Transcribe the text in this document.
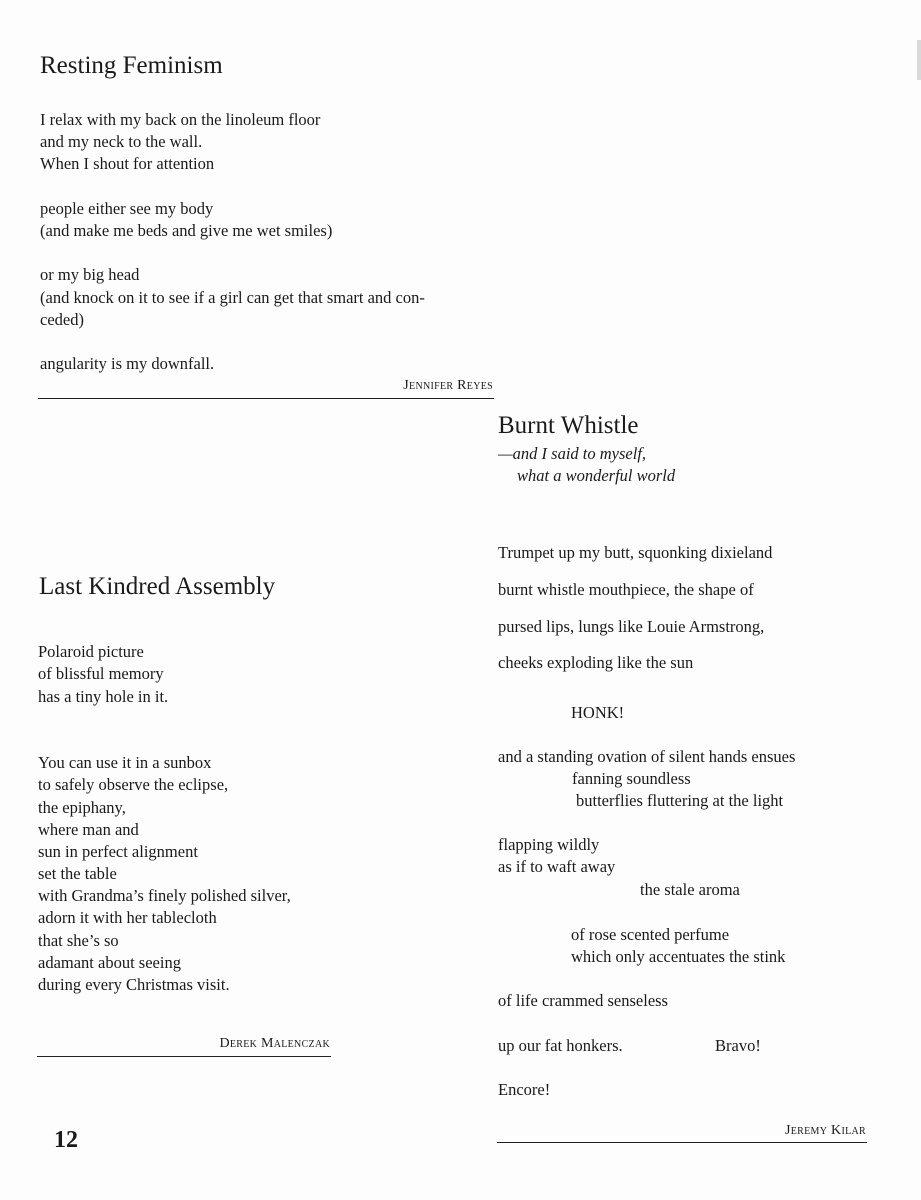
Resting Feminism
I relax with my back on the linoleum floor
and my neck to the wall.
When I shout for attention
people either see my body
(and make me beds and give me wet smiles)
or my big head
(and knock on it to see if a girl can get that smart and con-
ceded)
angularity is my downfall.
Jennifer Reyes
Burnt Whistle
—and I said to myself,
what a wonderful world
Trumpet up my butt, squonking dixieland
burnt whistle mouthpiece, the shape of
pursed lips, lungs like Louie Armstrong,
cheeks exploding like the sun
HONK!
and a standing ovation of silent hands ensues
fanning soundless
butterflies fluttering at the light
flapping wildly
as if to waft away
the stale aroma
of rose scented perfume
which only accentuates the stink
of life crammed senseless
up our fat honkers.	Bravo!
Encore!
Jeremy Kilar
Last Kindred Assembly
Polaroid picture
of blissful memory
has a tiny hole in it.
You can use it in a sunbox
to safely observe the eclipse,
the epiphany,
where man and
sun in perfect alignment
set the table
with Grandma’s finely polished silver,
adorn it with her tablecloth
that she’s so
adamant about seeing
during every Christmas visit.
Derek Malenczak
12
